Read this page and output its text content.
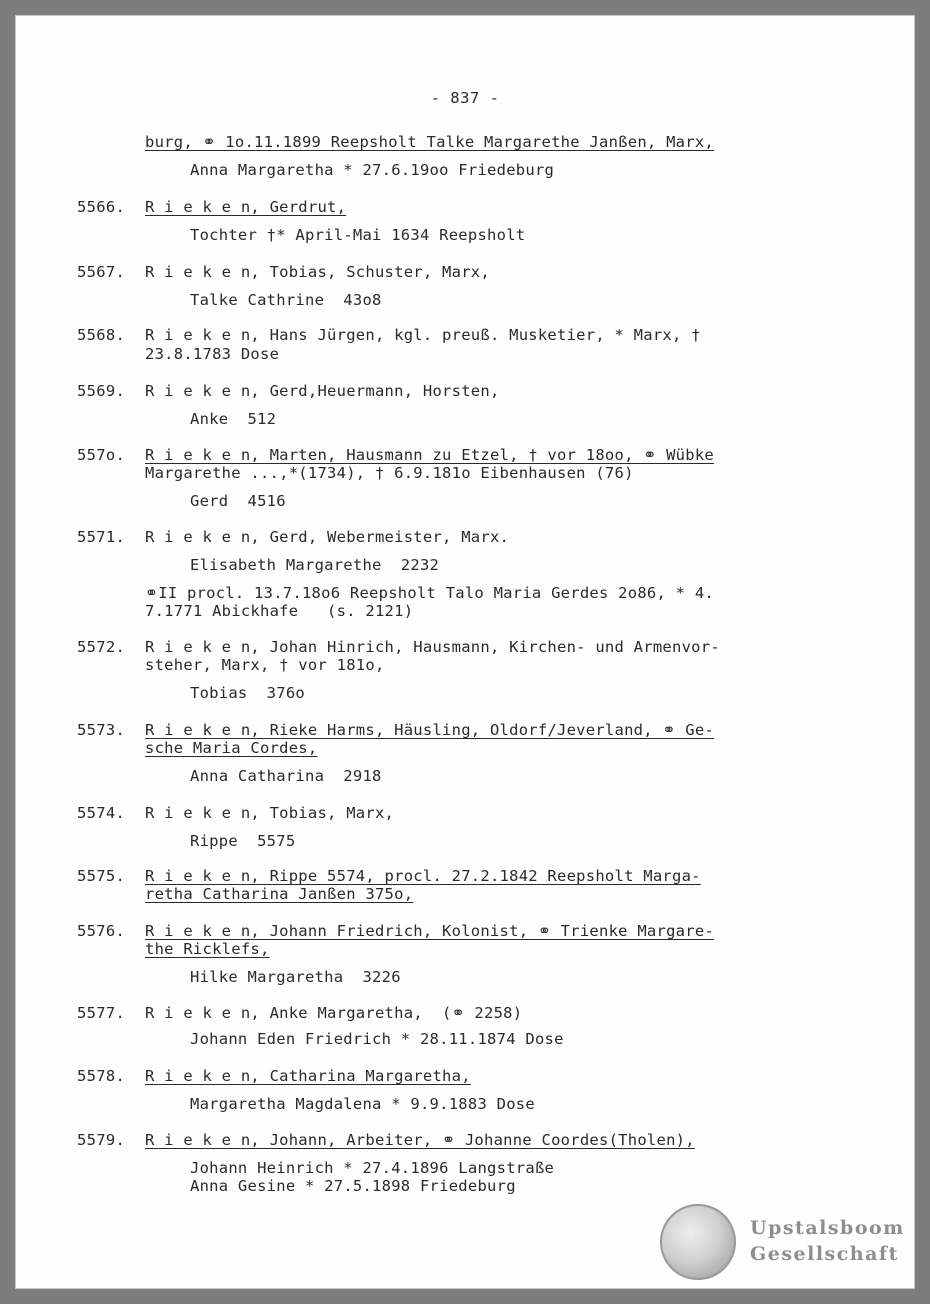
- 837 -
burg, ⚭ 1o.11.1899 Reepsholt Talke Margarethe Janßen, Marx,
Anna Margaretha * 27.6.19oo Friedeburg
5566. R i e k e n, Gerdrut,
Tochter †* April-Mai 1634 Reepsholt
5567. R i e k e n, Tobias, Schuster, Marx,
Talke Cathrine  43o8
5568. R i e k e n, Hans Jürgen, kgl. preuß. Musketier, * Marx, †
23.8.1783 Dose
5569. R i e k e n, Gerd,Heuermann, Horsten,
Anke  512
557o. R i e k e n, Marten, Hausmann zu Etzel, † vor 18oo, ⚭ Wübke
Margarethe ...,*(1734), † 6.9.181o Eibenhausen (76)
Gerd  4516
5571. R i e k e n, Gerd, Webermeister, Marx.
Elisabeth Margarethe  2232
⚭II procl. 13.7.18o6 Reepsholt Talo Maria Gerdes 2o86, * 4.
7.1771 Abickhafe   (s. 2121)
5572. R i e k e n, Johan Hinrich, Hausmann, Kirchen- und Armenvor-
steher, Marx, † vor 181o,
Tobias  376o
5573. R i e k e n, Rieke Harms, Häusling, Oldorf/Jeverland, ⚭ Ge-
sche Maria Cordes,
Anna Catharina  2918
5574. R i e k e n, Tobias, Marx,
Rippe  5575
5575. R i e k e n, Rippe 5574, procl. 27.2.1842 Reepsholt Marga-
retha Catharina Janßen 375o,
5576. R i e k e n, Johann Friedrich, Kolonist, ⚭ Trienke Margare-
the Ricklefs,
Hilke Margaretha  3226
5577. R i e k e n, Anke Margaretha,  (⚭ 2258)
Johann Eden Friedrich * 28.11.1874 Dose
5578. R i e k e n, Catharina Margaretha,
Margaretha Magdalena * 9.9.1883 Dose
5579. R i e k e n, Johann, Arbeiter, ⚭ Johanne Coordes(Tholen),
Johann Heinrich * 27.4.1896 Langstraße
Anna Gesine * 27.5.1898 Friedeburg
Upstalsboom
Gesellschaft
